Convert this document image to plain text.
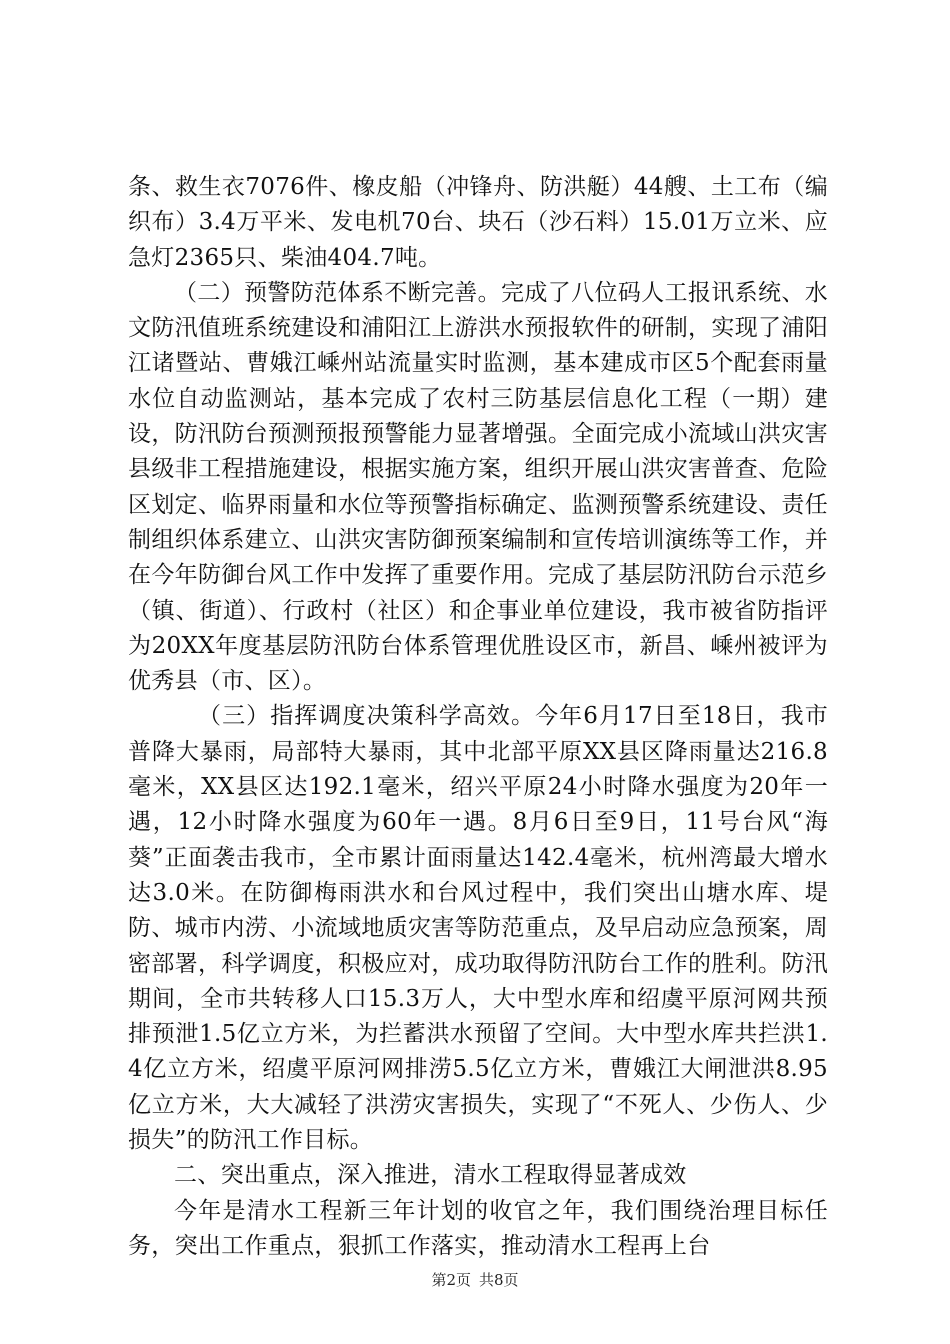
条、救生衣7076件、橡皮船（冲锋舟、防洪艇）44艘、土工布（编织布）3.4万平米、发电机70台、块石（沙石料）15.01万立米、应急灯2365只、柴油404.7吨。

（二）预警防范体系不断完善。完成了八位码人工报讯系统、水文防汛值班系统建设和浦阳江上游洪水预报软件的研制，实现了浦阳江诸暨站、曹娥江嵊州站流量实时监测，基本建成市区5个配套雨量水位自动监测站，基本完成了农村三防基层信息化工程（一期）建设，防汛防台预测预报预警能力显著增强。全面完成小流域山洪灾害县级非工程措施建设，根据实施方案，组织开展山洪灾害普查、危险区划定、临界雨量和水位等预警指标确定、监测预警系统建设、责任制组织体系建立、山洪灾害防御预案编制和宣传培训演练等工作，并在今年防御台风工作中发挥了重要作用。完成了基层防汛防台示范乡（镇、街道）、行政村（社区）和企事业单位建设，我市被省防指评为20XX年度基层防汛防台体系管理优胜设区市，新昌、嵊州被评为优秀县（市、区）。

（三）指挥调度决策科学高效。今年6月17日至18日，我市普降大暴雨，局部特大暴雨，其中北部平原XX县区降雨量达216.8毫米，XX县区达192.1毫米，绍兴平原24小时降水强度为20年一遇，12小时降水强度为60年一遇。8月6日至9日，11号台风“海葵”正面袭击我市，全市累计面雨量达142.4毫米，杭州湾最大增水达3.0米。在防御梅雨洪水和台风过程中，我们突出山塘水库、堤防、城市内涝、小流域地质灾害等防范重点，及早启动应急预案，周密部署，科学调度，积极应对，成功取得防汛防台工作的胜利。防汛期间，全市共转移人口15.3万人，大中型水库和绍虞平原河网共预排预泄1.5亿立方米，为拦蓄洪水预留了空间。大中型水库共拦洪1.4亿立方米，绍虞平原河网排涝5.5亿立方米，曹娥江大闸泄洪8.95亿立方米，大大减轻了洪涝灾害损失，实现了“不死人、少伤人、少损失”的防汛工作目标。

二、突出重点，深入推进，清水工程取得显著成效

今年是清水工程新三年计划的收官之年，我们围绕治理目标任务，突出工作重点，狠抓工作落实，推动清水工程再上台

第2页 共8页
